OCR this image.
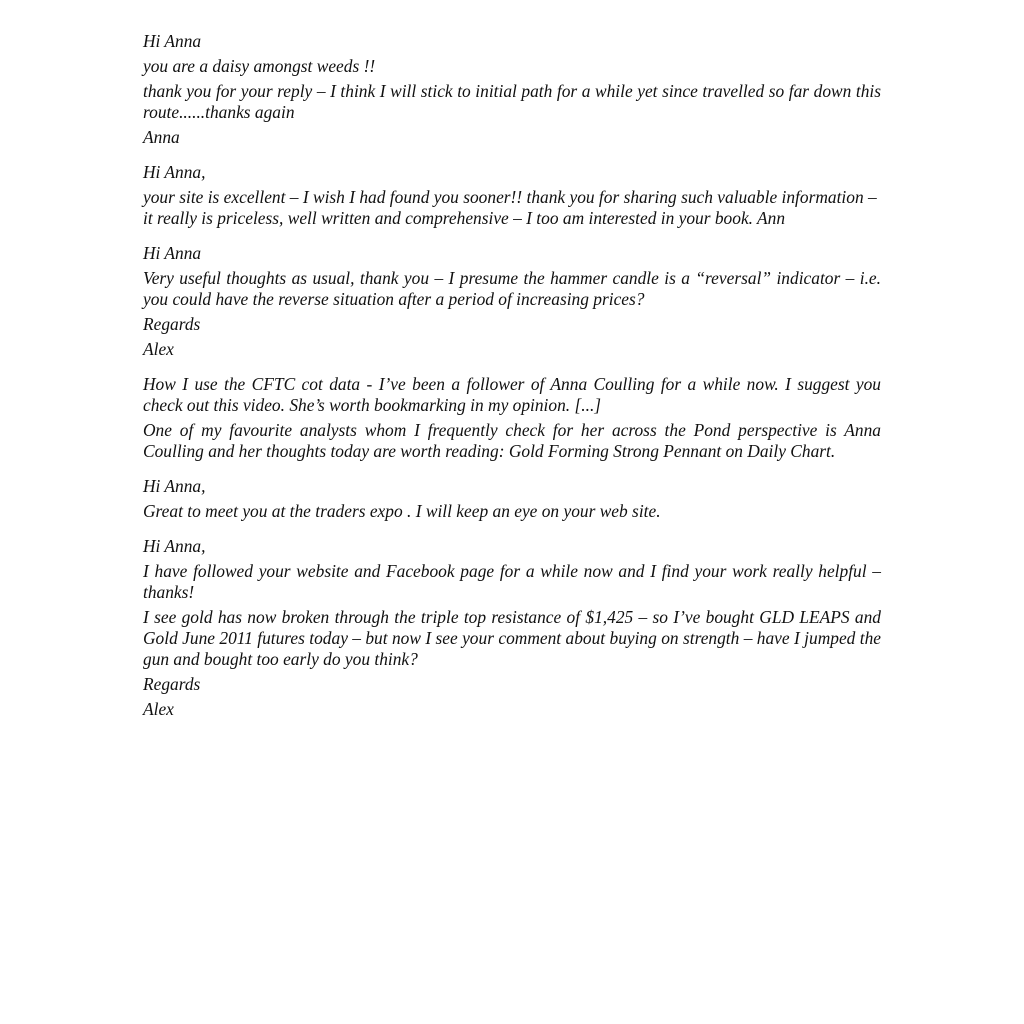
Hi Anna

you are a daisy amongst weeds !!

thank you for your reply – I think I will stick to initial path for a while yet since travelled so far down this route......thanks again

Anna

Hi Anna,

your site is excellent – I wish I had found you sooner!! thank you for sharing such valuable information – it really is priceless, well written and comprehensive – I too am interested in your book. Ann

Hi Anna

Very useful thoughts as usual, thank you – I presume the hammer candle is a “reversal” indicator – i.e. you could have the reverse situation after a period of increasing prices?

Regards

Alex

How I use the CFTC cot data - I’ve been a follower of Anna Coulling for a while now. I suggest you check out this video. She’s worth bookmarking in my opinion. [...]

One of my favourite analysts whom I frequently check for her across the Pond perspective is Anna Coulling and her thoughts today are worth reading: Gold Forming Strong Pennant on Daily Chart.

Hi Anna,

Great to meet you at the traders expo . I will keep an eye on your web site.

Hi Anna,

I have followed your website and Facebook page for a while now and I find your work really helpful – thanks!

I see gold has now broken through the triple top resistance of $1,425 – so I’ve bought GLD LEAPS and Gold June 2011 futures today – but now I see your comment about buying on strength – have I jumped the gun and bought too early do you think?

Regards

Alex
